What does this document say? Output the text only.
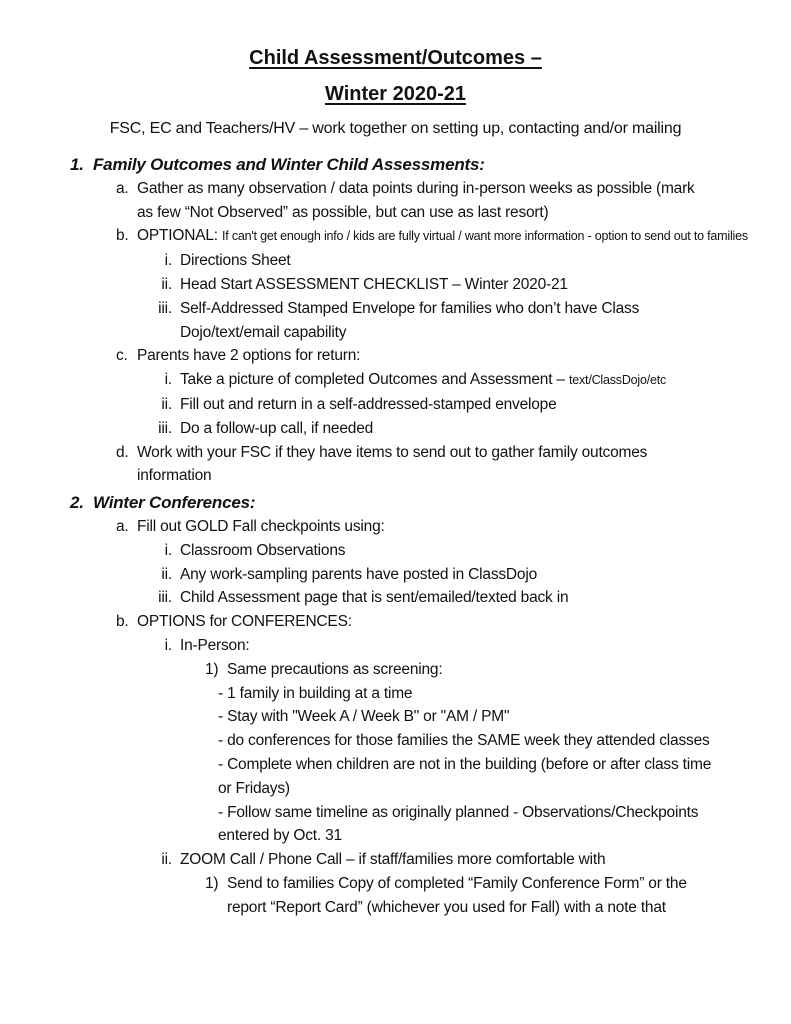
Child Assessment/Outcomes –
Winter 2020-21
FSC, EC and Teachers/HV – work together on setting up, contacting and/or mailing
1. Family Outcomes and Winter Child Assessments:
a. Gather as many observation / data points during in-person weeks as possible (mark as few “Not Observed” as possible, but can use as last resort)
b. OPTIONAL: If can't get enough info / kids are fully virtual / want more information - option to send out to families
i. Directions Sheet
ii. Head Start ASSESSMENT CHECKLIST – Winter 2020-21
iii. Self-Addressed Stamped Envelope for families who don’t have Class Dojo/text/email capability
c. Parents have 2 options for return:
i. Take a picture of completed Outcomes and Assessment – text/ClassDojo/etc
ii. Fill out and return in a self-addressed-stamped envelope
iii. Do a follow-up call, if needed
d. Work with your FSC if they have items to send out to gather family outcomes information
2. Winter Conferences:
a. Fill out GOLD Fall checkpoints using:
i. Classroom Observations
ii. Any work-sampling parents have posted in ClassDojo
iii. Child Assessment page that is sent/emailed/texted back in
b. OPTIONS for CONFERENCES:
i. In-Person:
1) Same precautions as screening:
- 1 family in building at a time
- Stay with "Week A / Week B" or "AM / PM"
- do conferences for those families the SAME week they attended classes
- Complete when children are not in the building (before or after class time or Fridays)
- Follow same timeline as originally planned - Observations/Checkpoints entered by Oct. 31
ii. ZOOM Call / Phone Call – if staff/families more comfortable with
1) Send to families Copy of completed “Family Conference Form” or the report “Report Card” (whichever you used for Fall) with a note that
